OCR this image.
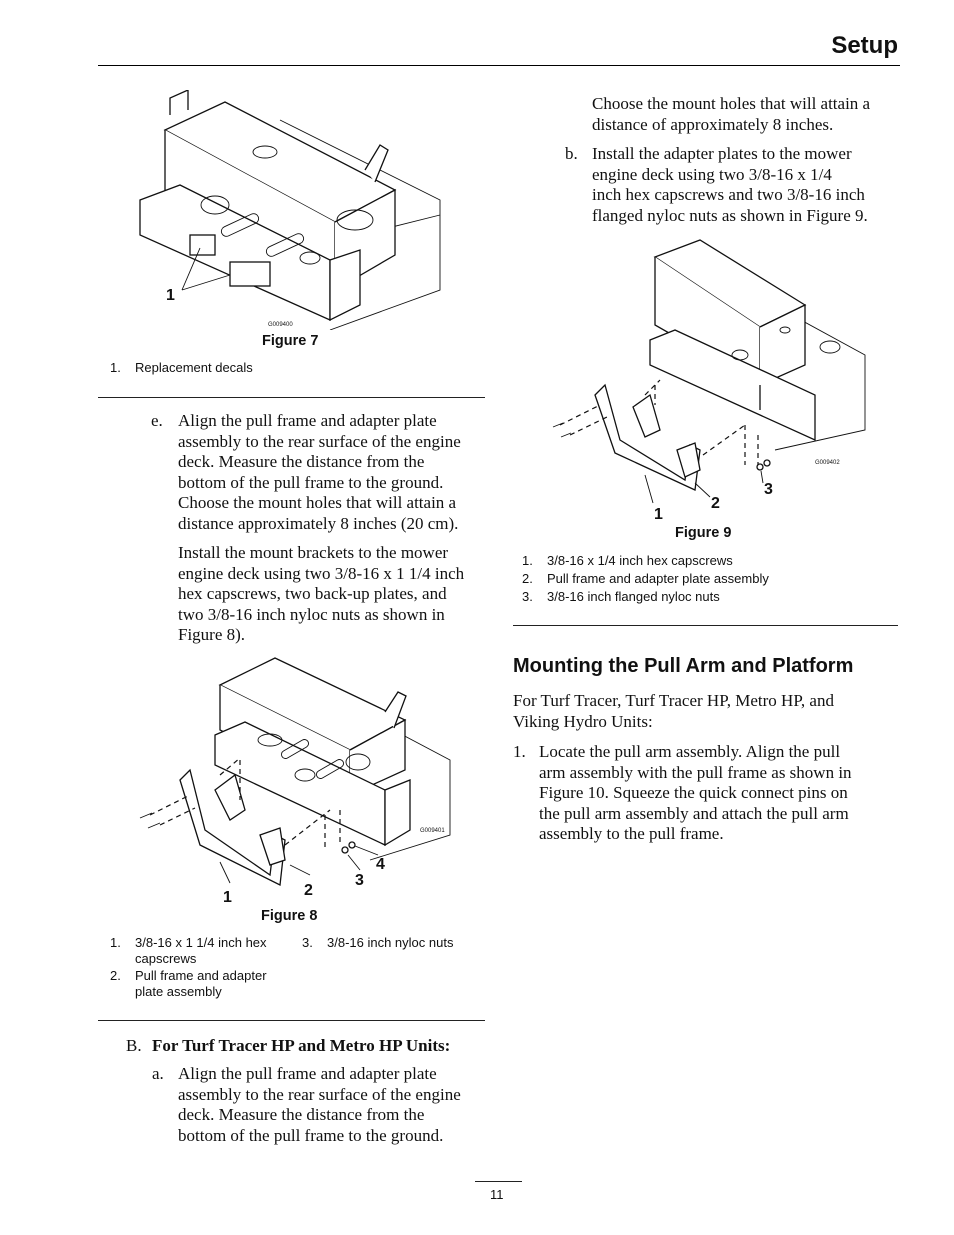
Setup
1
G009400
Figure 7
1. Replacement decals
e. Align the pull frame and adapter plate
assembly to the rear surface of the engine
deck. Measure the distance from the
bottom of the pull frame to the ground.
Choose the mount holes that will attain a
distance approximately 8 inches (20 cm).
Install the mount brackets to the mower
engine deck using two 3/8-16 x 1 1/4 inch
hex capscrews, two back-up plates, and
two 3/8-16 inch nyloc nuts as shown in
Figure 8).
1	2
3
4
G009401
Figure 8
1. 3/8-16 x 1 1/4 inch hex
capscrews
2. Pull frame and adapter
plate assembly
3. 3/8-16 inch nyloc nuts
B. For Turf Tracer HP and Metro HP Units:
a. Align the pull frame and adapter plate
assembly to the rear surface of the engine
deck. Measure the distance from the
bottom of the pull frame to the ground.
Choose the mount holes that will attain a
distance of approximately 8 inches.
b. Install the adapter plates to the mower
engine deck using two 3/8-16 x 1/4
inch hex capscrews and two 3/8-16 inch
flanged nyloc nuts as shown in Figure 9.
1
2
3
G009402
Figure 9
1. 3/8-16 x 1/4 inch hex capscrews
2. Pull frame and adapter plate assembly
3. 3/8-16 inch flanged nyloc nuts
Mounting the Pull Arm and Platform
For Turf Tracer, Turf Tracer HP, Metro HP, and
Viking Hydro Units:
1. Locate the pull arm assembly. Align the pull
arm assembly with the pull frame as shown in
Figure 10. Squeeze the quick connect pins on
the pull arm assembly and attach the pull arm
assembly to the pull frame.
11
